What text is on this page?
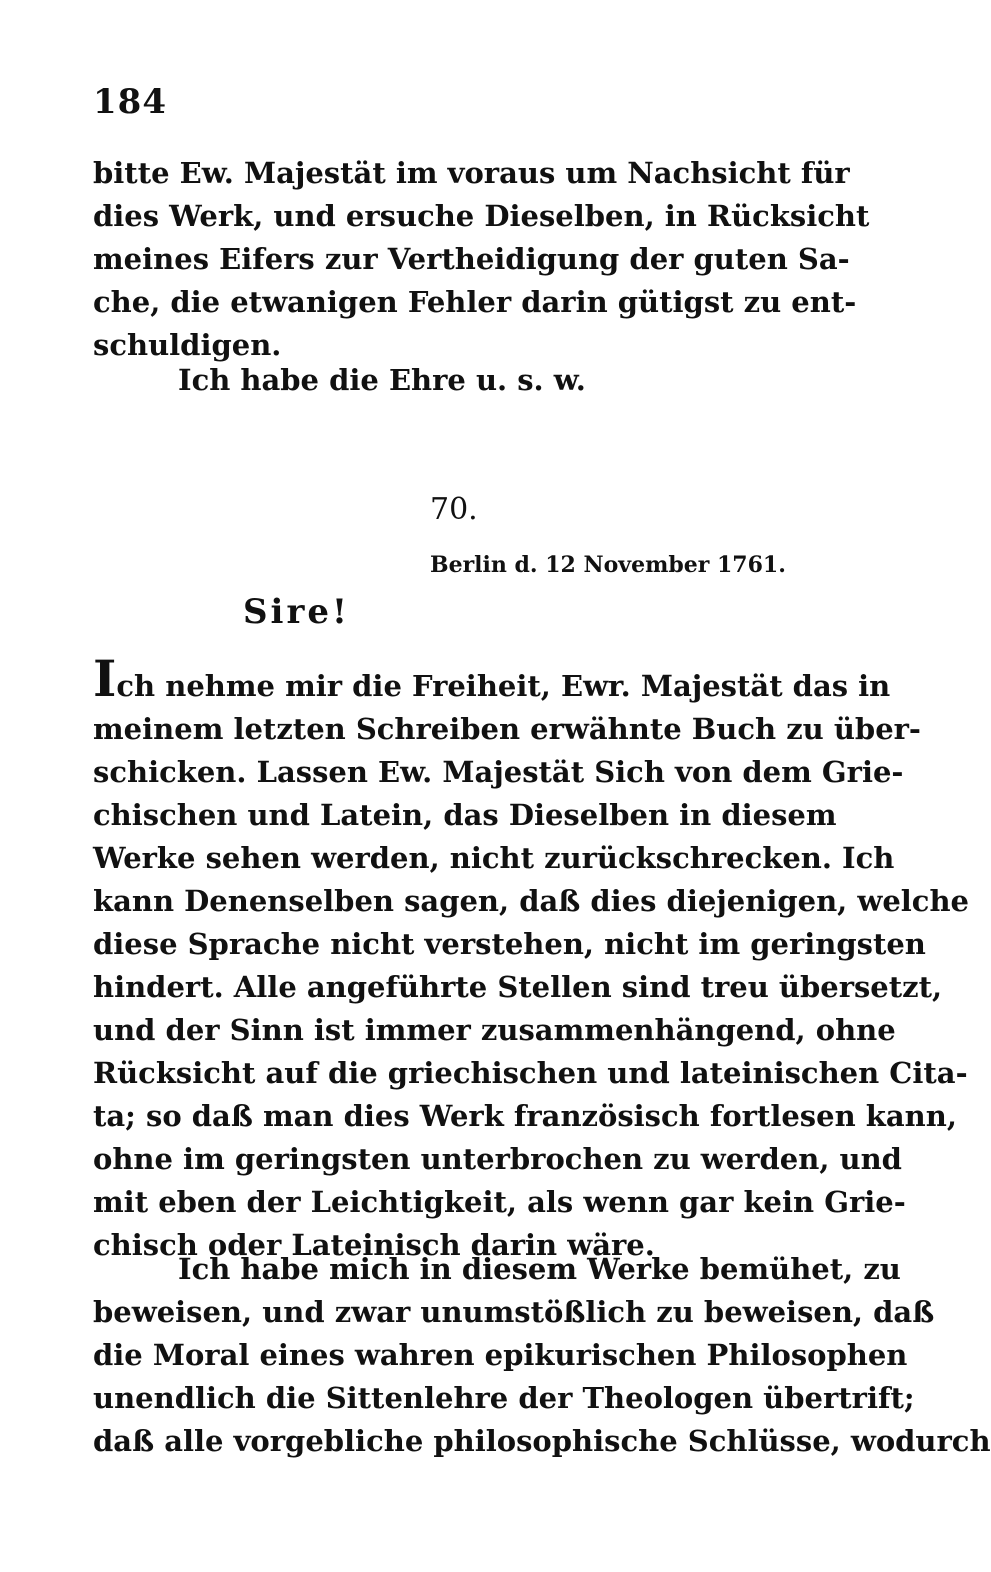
184
bitte Ew. Majestät im voraus um Nachsicht für
dies Werk, und ersuche Dieselben, in Rücksicht
meines Eifers zur Vertheidigung der guten Sa-
che, die etwanigen Fehler darin gütigst zu ent-
schuldigen.
Ich habe die Ehre u. s. w.
70.
Berlin d. 12 November 1761.
Sire!
Ich nehme mir die Freiheit, Ewr. Majestät das in
meinem letzten Schreiben erwähnte Buch zu über-
schicken. Lassen Ew. Majestät Sich von dem Grie-
chischen und Latein, das Dieselben in diesem
Werke sehen werden, nicht zurückschrecken. Ich
kann Denenselben sagen, daß dies diejenigen, welche
diese Sprache nicht verstehen, nicht im geringsten
hindert. Alle angeführte Stellen sind treu übersetzt,
und der Sinn ist immer zusammenhängend, ohne
Rücksicht auf die griechischen und lateinischen Cita-
ta; so daß man dies Werk französisch fortlesen kann,
ohne im geringsten unterbrochen zu werden, und
mit eben der Leichtigkeit, als wenn gar kein Grie-
chisch oder Lateinisch darin wäre.
Ich habe mich in diesem Werke bemühet, zu
beweisen, und zwar unumstößlich zu beweisen, daß
die Moral eines wahren epikurischen Philosophen
unendlich die Sittenlehre der Theologen übertrift;
daß alle vorgebliche philosophische Schlüsse, wodurch
